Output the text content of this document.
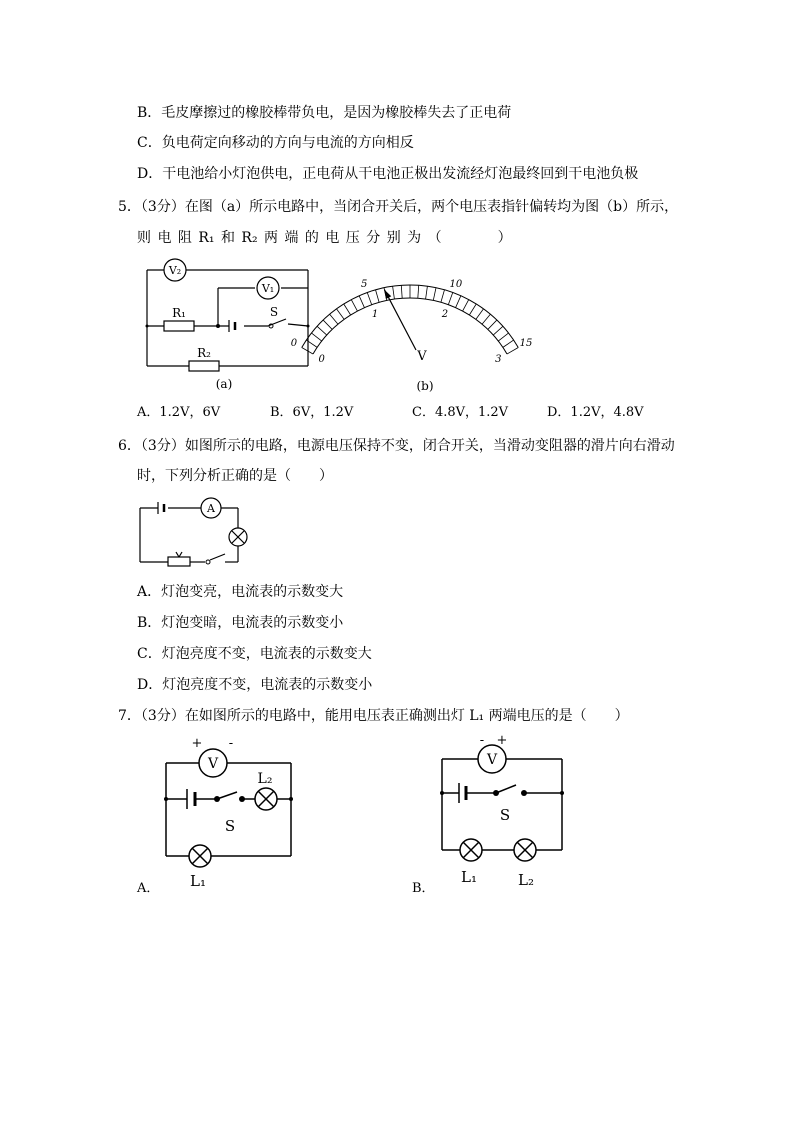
B．毛皮摩擦过的橡胶棒带负电，是因为橡胶棒失去了正电荷
C．负电荷定向移动的方向与电流的方向相反
D．干电池给小灯泡供电，正电荷从干电池正极出发流经灯泡最终回到干电池负极
5．（3分）在图（a）所示电路中，当闭合开关后，两个电压表指针偏转均为图（b）所示，
则 电 阻 R₁ 和 R₂ 两 端 的 电 压 分 别 为 （　　　　）
V₂
V₁
R₁
R₂
S
(a)
0
5	10
15
0
1	2
3
V
(b)
A．1.2V，6V	B．6V，1.2V	C．4.8V，1.2V	D．1.2V，4.8V
6．（3分）如图所示的电路，电源电压保持不变，闭合开关，当滑动变阻器的滑片向右滑动
时，下列分析正确的是（　　）
A
A．灯泡变亮，电流表的示数变大
B．灯泡变暗，电流表的示数变小
C．灯泡亮度不变，电流表的示数变大
D．灯泡亮度不变，电流表的示数变小
7．（3分）在如图所示的电路中，能用电压表正确测出灯 L₁ 两端电压的是（　　）
+ -
V
L₂
S
L₁
A．
- +
V
S
L₁	L₂
B．
